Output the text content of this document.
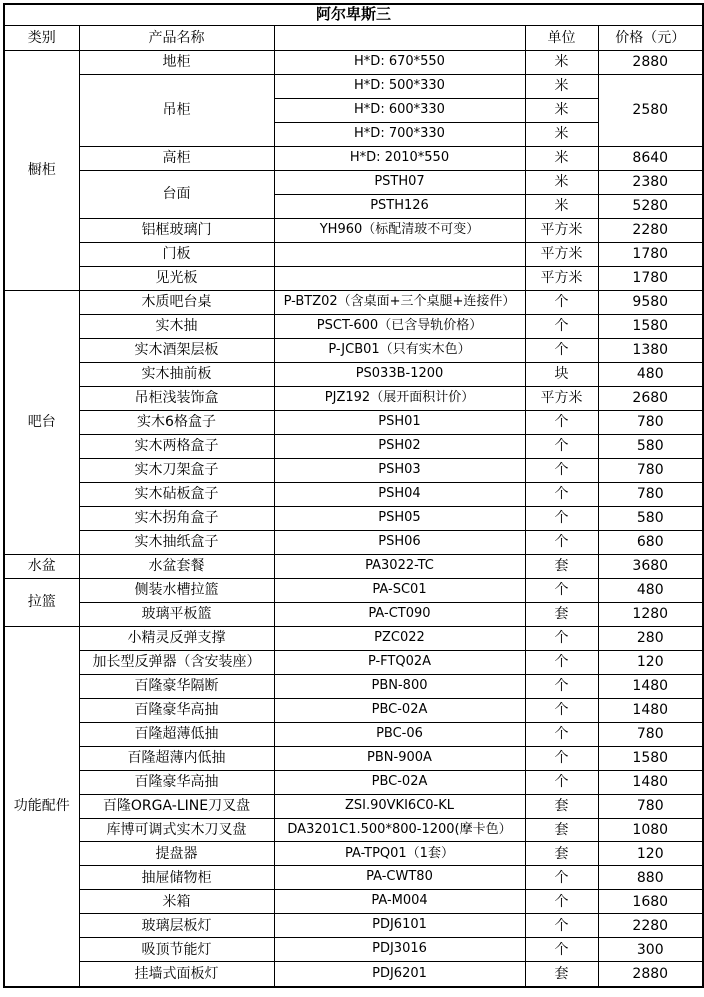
阿尔卑斯三				
类别	产品名称		单位	价格（元）
橱柜	地柜	H*D: 670*550	米	2880
	吊柜	H*D: 500*330	米	2580
		H*D: 600*330	米	
		H*D: 700*330	米	
	高柜	H*D: 2010*550	米	8640
	台面	PSTH07	米	2380
		PSTH126	米	5280
	铝框玻璃门	YH960（标配清玻不可变）	平方米	2280
	门板		平方米	1780
	见光板		平方米	1780
吧台	木质吧台桌	P-BTZ02（含桌面+三个桌腿+连接件）	个	9580
	实木抽	PSCT-600（已含导轨价格）	个	1580
	实木酒架层板	P-JCB01（只有实木色）	个	1380
	实木抽前板	PS033B-1200	块	480
	吊柜浅装饰盒	PJZ192（展开面积计价）	平方米	2680
	实木6格盒子	PSH01	个	780
	实木两格盒子	PSH02	个	580
	实木刀架盒子	PSH03	个	780
	实木砧板盒子	PSH04	个	780
	实木拐角盒子	PSH05	个	580
	实木抽纸盒子	PSH06	个	680
水盆	水盆套餐	PA3022-TC	套	3680
拉篮	侧装水槽拉篮	PA-SC01	个	480
	玻璃平板篮	PA-CT090	套	1280
功能配件	小精灵反弹支撑	PZC022	个	280
	加长型反弹器（含安装座）	P-FTQ02A	个	120
	百隆豪华隔断	PBN-800	个	1480
	百隆豪华高抽	PBC-02A	个	1480
	百隆超薄低抽	PBC-06	个	780
	百隆超薄内低抽	PBN-900A	个	1580
	百隆豪华高抽	PBC-02A	个	1480
	百隆ORGA-LINE刀叉盘	ZSI.90VKI6C0-KL	套	780
	库博可调式实木刀叉盘	DA3201C1.500*800-1200(摩卡色）	套	1080
	提盘器	PA-TPQ01（1套）	套	120
	抽屉储物柜	PA-CWT80	个	880
	米箱	PA-M004	个	1680
	玻璃层板灯	PDJ6101	个	2280
	吸顶节能灯	PDJ3016	个	300
	挂墙式面板灯	PDJ6201	套	2880
